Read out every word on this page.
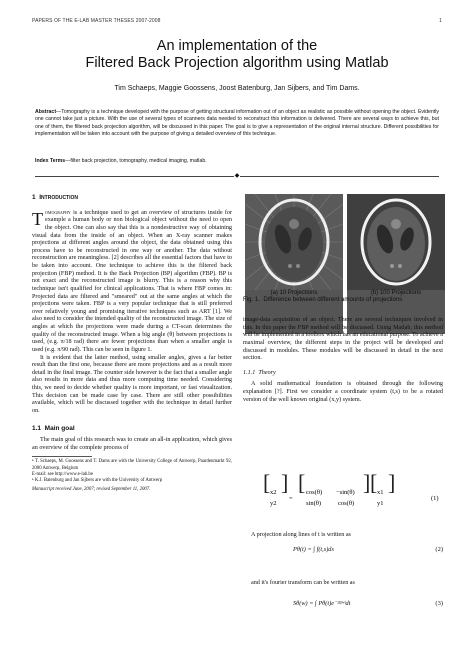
PAPERS OF THE E-LAB MASTER THESES 2007-2008	1
An implementation of the
Filtered Back Projection algorithm using Matlab
Tim Schaeps, Maggie Goossens, Joost Batenburg, Jan Sijbers, and Tim Dams.
Abstract—Tomography is a technique developed with the purpose of getting structural information out of an object as realistic as possible without opening the object. Evidently one cannot take just a picture. With the use of several types of scanners data needed to reconstruct this information is delivered. There are several ways to achieve this, but one of them, the filtered back projection algorithm, will be discussed in this paper. The goal is to give a representation of the original internal structure. Different possibilities for implementation will be taken into account with the purpose of giving a detailed overview of this technique.
Index Terms—filter back projection, tomography, medical imaging, matlab.
◆
1 Introduction

Tomography is a technique used to get an overview of structures inside for example a human body or non biological object without the need to open the object. One can also say that this is a nondestructive way of obtaining visual data from the inside of an object. When an X-ray scanner makes projections at different angles around the object, the data obtained using this process have to be reconstructed in one way or another. The data without reconstruction are meaningless. [2] describes all the essential factors that have to be taken into account. One technique to achieve this is the filtered back projection (FBP) method. It is the Back Projection (BP) algorithm (FBP). BP is not exact and the reconstructed image is blurry. This is a reason why this technique isn't qualified for clinical applications. That is where FBP comes in: Projected data are filtered and "smeared" out at the same angles at which the projections were taken. FBP is a very popular technique that is still preferred over relatively young and promising iterative techniques such as ART [1]. We also need to consider the intended quality of the reconstructed image. The size of angles at which the projections were made during a CT-scan determines the quality of the reconstructed image. When a big angle (θ) between projections is used, (e.g. π/18 rad) there are fewer projections than when a smaller angle is used (e.g. π/90 rad). This can be seen in figure 1.

It is evident that the latter method, using smaller angles, gives a far better result than the first one, because there are more projections and as a result more detail in the final image. The counter side however is the fact that a smaller angle also results in more data and thus more computing time needed. Considering this, we need to decide whether quality is more important, or fast visualization. This decision can be made case by case. There are still other possibilities available, which will be discussed together with the technique in detail further on.

1.1 Main goal

The main goal of this research was to create an all-in application, which gives an overview of the complete process of

• T. Schaeps, M. Goossens and T. Dams are with the University College of Antwerp, Paardenmarkt 92, 2000 Antwerp, Belgium
E-mail: see http://www.e-lab.be
• K.J. Batenburg and Jan Sijbers are with the University of Antwerp
Manuscript received June, 2007; revised September 11, 2007.
(a) 10 Projections	(b) 100 Projections
Fig. 1. Difference between different amounts of projections

image-data acquisition of an object. There are several techniques involved in this. In this paper the FBP method will be discussed. Using Matlab, this method will be implemented in a toolbox which has an educational purpose. To achieve a maximal overview, the different steps in the project will be developed and discussed in modules. These modules will be discussed in detail in the next section.

1.1.1 Theory

A solid mathematical foundation is obtained through the following explanation [?]. First we consider a coordinate system (t,s) to be a rotated version of the well known original (x,y) system.

[ x2
y2
]
=
[ cos(θ)
sin(θ)
−sin(θ)
cos(θ)
] [ x1
y1
]
(1)
A projection along lines of t is written as
Pθ(t) = ∫ f(t,s)ds	(2)
and it's fourier transform can be written as
Sθ(w) = ∫ Pθ(t)e⁻ʲ²ᵖʷᵗdt	(3)
